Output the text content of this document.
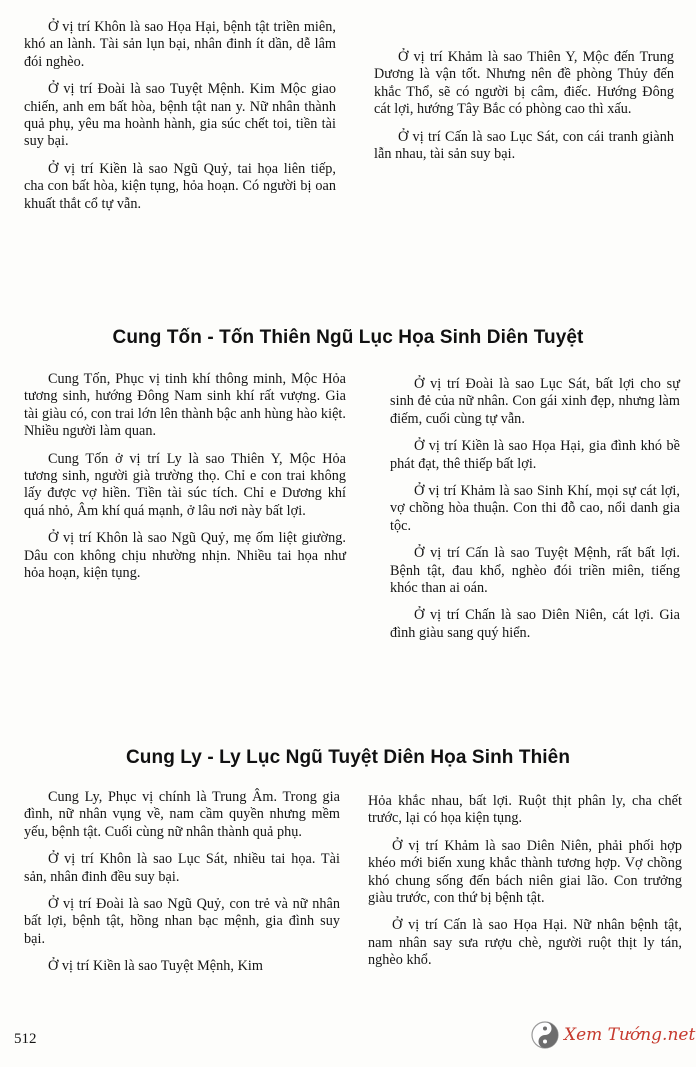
Ở vị trí Khôn là sao Họa Hại, bệnh tật triền miên, khó an lành. Tài sản lụn bại, nhân đinh ít dần, dễ lâm đói nghèo.

Ở vị trí Đoài là sao Tuyệt Mệnh. Kim Mộc giao chiến, anh em bất hòa, bệnh tật nan y. Nữ nhân thành quả phụ, yêu ma hoành hành, gia súc chết toi, tiền tài suy bại.

Ở vị trí Kiền là sao Ngũ Quỷ, tai họa liên tiếp, cha con bất hòa, kiện tụng, hỏa hoạn. Có người bị oan khuất thắt cổ tự vẫn.

Ở vị trí Khảm là sao Thiên Y, Mộc đến Trung Dương là vận tốt. Nhưng nên đề phòng Thủy đến khắc Thổ, sẽ có người bị câm, điếc. Hướng Đông cát lợi, hướng Tây Bắc có phòng cao thì xấu.

Ở vị trí Cấn là sao Lục Sát, con cái tranh giành lẫn nhau, tài sản suy bại.

Cung Tốn - Tốn Thiên Ngũ Lục Họa Sinh Diên Tuyệt

Cung Tốn, Phục vị tinh khí thông minh, Mộc Hỏa tương sinh, hướng Đông Nam sinh khí rất vượng. Gia tài giàu có, con trai lớn lên thành bậc anh hùng hào kiệt. Nhiều người làm quan.

Cung Tốn ở vị trí Ly là sao Thiên Y, Mộc Hỏa tương sinh, người già trường thọ. Chỉ e con trai không lấy được vợ hiền. Tiền tài súc tích. Chỉ e Dương khí quá nhỏ, Âm khí quá mạnh, ở lâu nơi này bất lợi.

Ở vị trí Khôn là sao Ngũ Quỷ, mẹ ốm liệt giường. Dâu con không chịu nhường nhịn. Nhiều tai họa như hỏa hoạn, kiện tụng.

Ở vị trí Đoài là sao Lục Sát, bất lợi cho sự sinh đẻ của nữ nhân. Con gái xinh đẹp, nhưng làm điếm, cuối cùng tự vẫn.

Ở vị trí Kiền là sao Họa Hại, gia đình khó bề phát đạt, thê thiếp bất lợi.

Ở vị trí Khảm là sao Sinh Khí, mọi sự cát lợi, vợ chồng hòa thuận. Con thi đỗ cao, nổi danh gia tộc.

Ở vị trí Cấn là sao Tuyệt Mệnh, rất bất lợi. Bệnh tật, đau khổ, nghèo đói triền miên, tiếng khóc than ai oán.

Ở vị trí Chấn là sao Diên Niên, cát lợi. Gia đình giàu sang quý hiển.

Cung Ly - Ly Lục Ngũ Tuyệt Diên Họa Sinh Thiên

Cung Ly, Phục vị chính là Trung Âm. Trong gia đình, nữ nhân vụng về, nam cầm quyền nhưng mềm yếu, bệnh tật. Cuối cùng nữ nhân thành quả phụ.

Ở vị trí Khôn là sao Lục Sát, nhiều tai họa. Tài sản, nhân đinh đều suy bại.

Ở vị trí Đoài là sao Ngũ Quỷ, con trẻ và nữ nhân bất lợi, bệnh tật, hồng nhan bạc mệnh, gia đình suy bại.

Ở vị trí Kiền là sao Tuyệt Mệnh, Kim

Hỏa khắc nhau, bất lợi. Ruột thịt phân ly, cha chết trước, lại có họa kiện tụng.

Ở vị trí Khảm là sao Diên Niên, phải phối hợp khéo mới biến xung khắc thành tương hợp. Vợ chồng khó chung sống đến bách niên giai lão. Con trưởng giàu trước, con thứ bị bệnh tật.

Ở vị trí Cấn là sao Họa Hại. Nữ nhân bệnh tật, nam nhân say sưa rượu chè, người ruột thịt ly tán, nghèo khổ.

512	Xem Tướng.net
